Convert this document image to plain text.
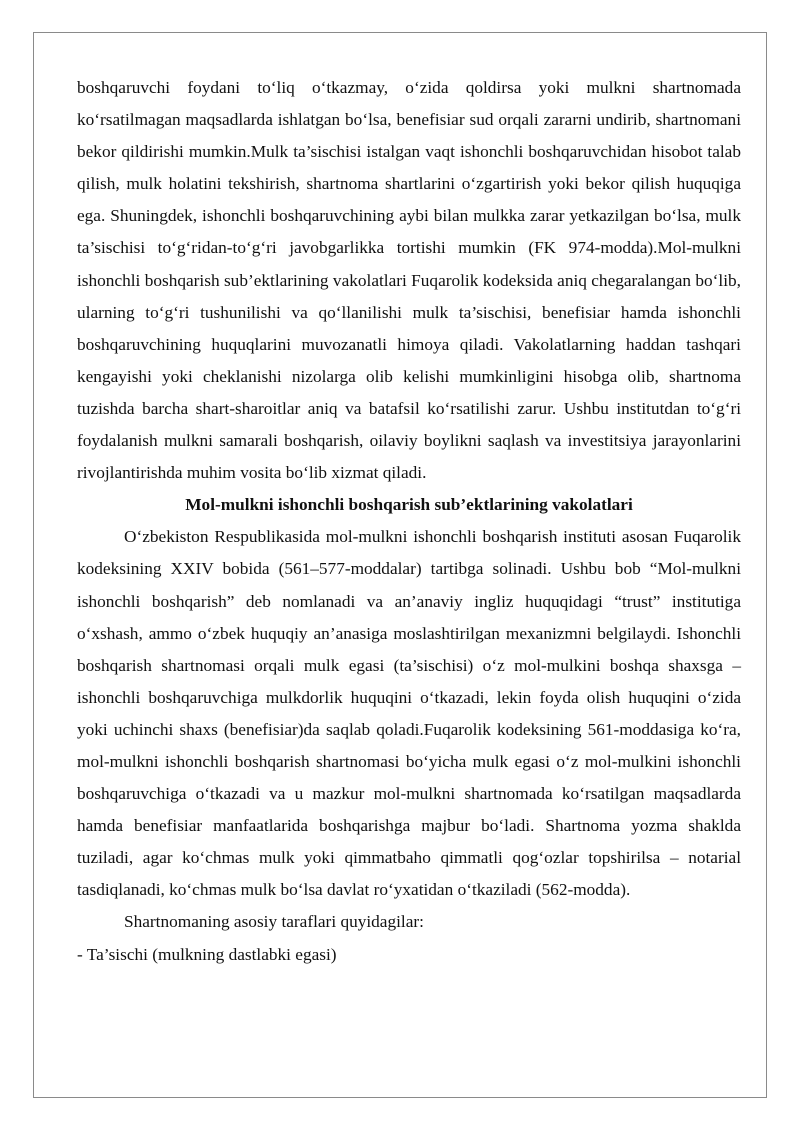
boshqaruvchi foydani to‘liq o‘tkazmay, o‘zida qoldirsa yoki mulkni shartnomada ko‘rsatilmagan maqsadlarda ishlatgan bo‘lsa, benefisiar sud orqali zararni undirib, shartnomani bekor qildirishi mumkin.Mulk ta’sischisi istalgan vaqt ishonchli boshqaruvchidan hisobot talab qilish, mulk holatini tekshirish, shartnoma shartlarini o‘zgartirish yoki bekor qilish huquqiga ega. Shuningdek, ishonchli boshqaruvchining aybi bilan mulkka zarar yetkazilgan bo‘lsa, mulk ta’sischisi to‘g‘ridan-to‘g‘ri javobgarlikka tortishi mumkin (FK 974-modda).Mol-mulkni ishonchli boshqarish sub’ektlarining vakolatlari Fuqarolik kodeksida aniq chegaralangan bo‘lib, ularning to‘g‘ri tushunilishi va qo‘llanilishi mulk ta’sischisi, benefisiar hamda ishonchli boshqaruvchining huquqlarini muvozanatli himoya qiladi. Vakolatlarning haddan tashqari kengayishi yoki cheklanishi nizolarga olib kelishi mumkinligini hisobga olib, shartnoma tuzishda barcha shart-sharoitlar aniq va batafsil ko‘rsatilishi zarur. Ushbu institutdan to‘g‘ri foydalanish mulkni samarali boshqarish, oilaviy boylikni saqlash va investitsiya jarayonlarini rivojlantirishda muhim vosita bo‘lib xizmat qiladi.

Mol-mulkni ishonchli boshqarish sub’ektlarining vakolatlari

O‘zbekiston Respublikasida mol-mulkni ishonchli boshqarish instituti asosan Fuqarolik kodeksining XXIV bobida (561–577-moddalar) tartibga solinadi. Ushbu bob “Mol-mulkni ishonchli boshqarish” deb nomlanadi va an’anaviy ingliz huquqidagi “trust” institutiga o‘xshash, ammo o‘zbek huquqiy an’anasiga moslashtirilgan mexanizmni belgilaydi. Ishonchli boshqarish shartnomasi orqali mulk egasi (ta’sischisi) o‘z mol-mulkini boshqa shaxsga – ishonchli boshqaruvchiga mulkdorlik huquqini o‘tkazadi, lekin foyda olish huquqini o‘zida yoki uchinchi shaxs (benefisiar)da saqlab qoladi.Fuqarolik kodeksining 561-moddasiga ko‘ra, mol-mulkni ishonchli boshqarish shartnomasi bo‘yicha mulk egasi o‘z mol-mulkini ishonchli boshqaruvchiga o‘tkazadi va u mazkur mol-mulkni shartnomada ko‘rsatilgan maqsadlarda hamda benefisiar manfaatlarida boshqarishga majbur bo‘ladi. Shartnoma yozma shaklda tuziladi, agar ko‘chmas mulk yoki qimmatbaho qimmatli qog‘ozlar topshirilsa – notarial tasdiqlanadi, ko‘chmas mulk bo‘lsa davlat ro‘yxatidan o‘tkaziladi (562-modda).

Shartnomaning asosiy taraflari quyidagilar:

- Ta’sischi (mulkning dastlabki egasi)
